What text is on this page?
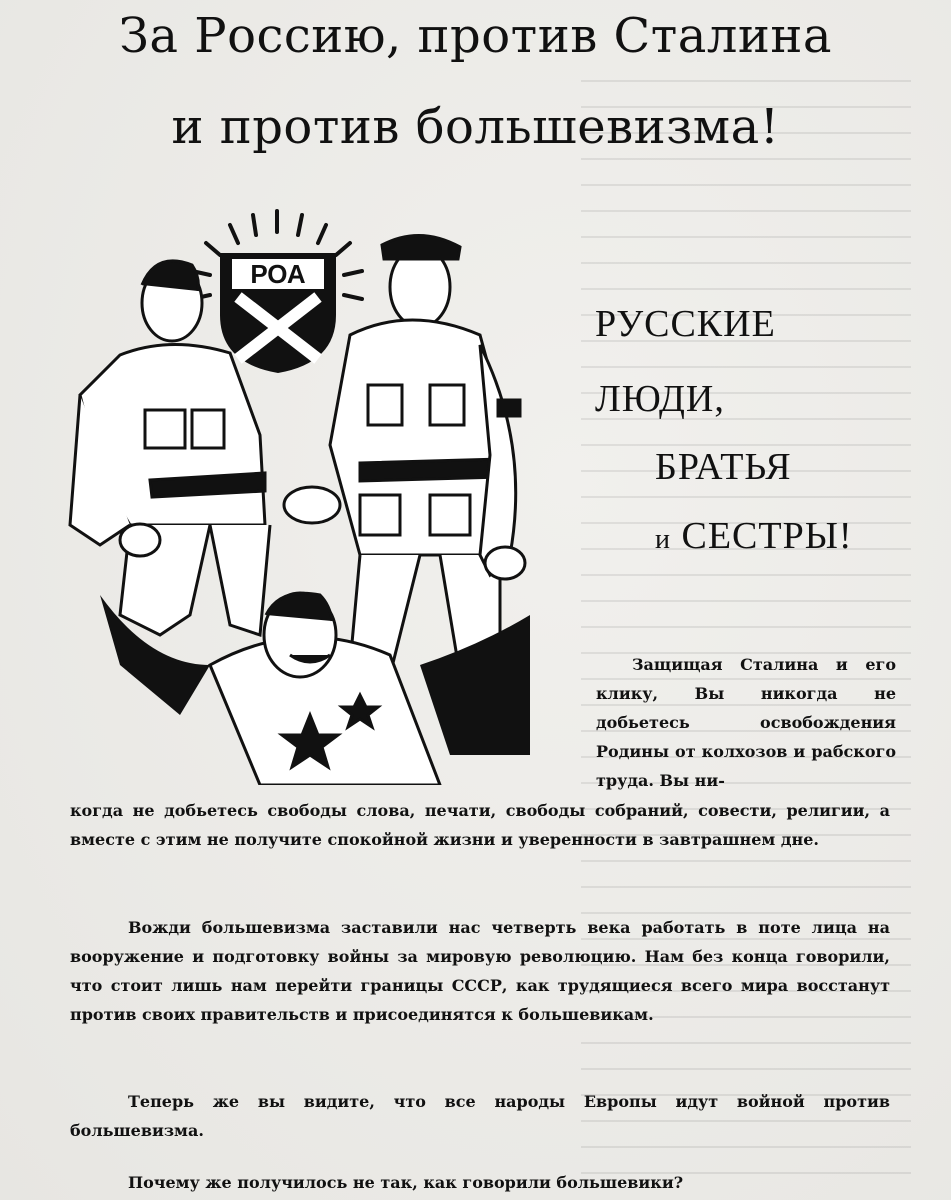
За Россию, против Сталина
и против большевизма!
РОА
РУССКИЕ
ЛЮДИ,
БРАТЬЯ
и СЕСТРЫ!

Защищая Сталина и его клику, Вы никогда не добьетесь освобождения Родины от колхозов и рабского труда. Вы ни-

когда не добьетесь свободы слова, печати, свободы собраний, совести, религии, а вместе с этим не получите спокойной жизни и уверенности в завтрашнем дне.

Вожди большевизма заставили нас четверть века работать в поте лица на вооружение и подготовку войны за мировую революцию. Нам без конца говорили, что стоит лишь нам перейти границы СССР, как трудящиеся всего мира восстанут против своих правительств и присоединятся к большевикам.

Теперь же вы видите, что все народы Европы идут войной против большевизма.

Почему же получилось не так, как говорили большевики?
